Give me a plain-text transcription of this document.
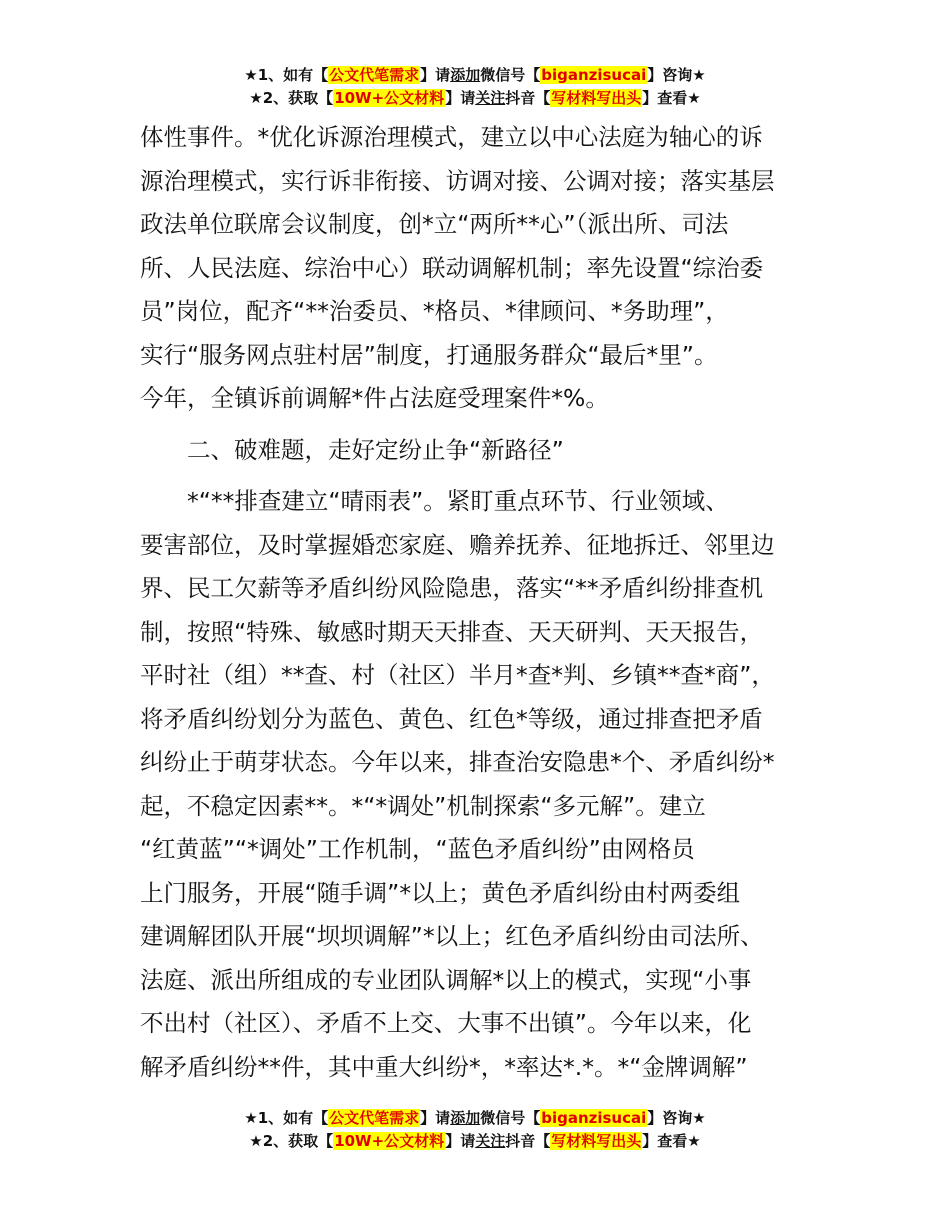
★1、如有【公文代笔需求】请添加微信号【biganzisucai】咨询★
★2、获取【10W+公文材料】请关注抖音【写材料写出头】查看★
体性事件。*优化诉源治理模式，建立以中心法庭为轴心的诉
源治理模式，实行诉非衔接、访调对接、公调对接；落实基层
政法单位联席会议制度，创*立“两所**心”（派出所、司法
所、人民法庭、综治中心）联动调解机制；率先设置“综治委
员”岗位，配齐“**治委员、*格员、*律顾问、*务助理”，
实行“服务网点驻村居”制度，打通服务群众“最后*里”。
今年，全镇诉前调解*件占法庭受理案件*%。
二、破难题，走好定纷止争“新路径”
*“**排查建立“晴雨表”。紧盯重点环节、行业领域、
要害部位，及时掌握婚恋家庭、赡养抚养、征地拆迁、邻里边
界、民工欠薪等矛盾纠纷风险隐患，落实“**矛盾纠纷排查机
制，按照“特殊、敏感时期天天排查、天天研判、天天报告，
平时社（组）**查、村（社区）半月*查*判、乡镇**查*商”，
将矛盾纠纷划分为蓝色、黄色、红色*等级，通过排查把矛盾
纠纷止于萌芽状态。今年以来，排查治安隐患*个、矛盾纠纷*
起，不稳定因素**。*“*调处”机制探索“多元解”。建立
“红黄蓝”“*调处”工作机制，“蓝色矛盾纠纷”由网格员
上门服务，开展“随手调”*以上；黄色矛盾纠纷由村两委组
建调解团队开展“坝坝调解”*以上；红色矛盾纠纷由司法所、
法庭、派出所组成的专业团队调解*以上的模式，实现“小事
不出村（社区）、矛盾不上交、大事不出镇”。今年以来，化
解矛盾纠纷**件，其中重大纠纷*，*率达*.*。*“金牌调解”
★1、如有【公文代笔需求】请添加微信号【biganzisucai】咨询★
★2、获取【10W+公文材料】请关注抖音【写材料写出头】查看★
